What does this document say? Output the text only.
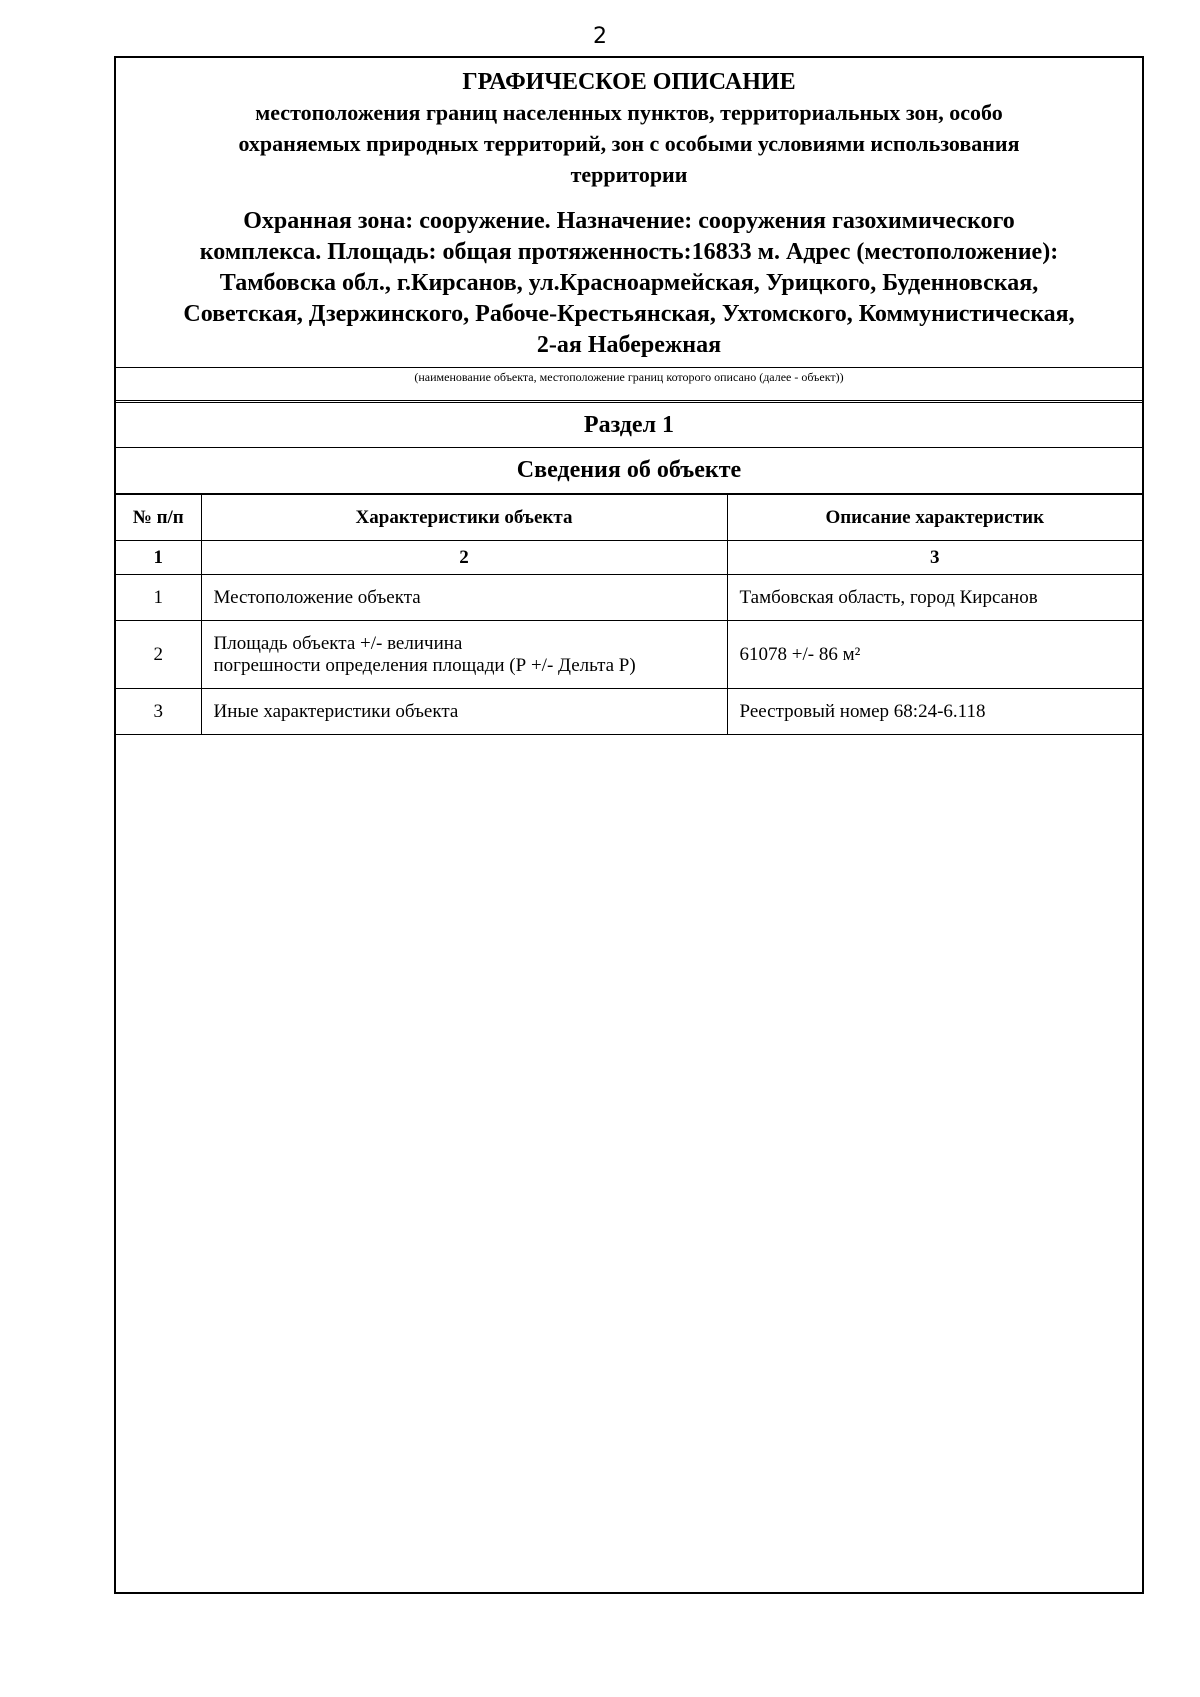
2
ГРАФИЧЕСКОЕ ОПИСАНИЕ
местоположения границ населенных пунктов, территориальных зон, особо
охраняемых природных территорий, зон с особыми условиями использования
территории
Охранная зона: сооружение. Назначение: сооружения газохимического
комплекса. Площадь: общая протяженность:16833 м. Адрес (местоположение):
Тамбовска обл., г.Кирсанов, ул.Красноармейская, Урицкого, Буденновская,
Советская, Дзержинского, Рабоче-Крестьянская, Ухтомского, Коммунистическая,
2-ая Набережная
(наименование объекта, местоположение границ которого описано (далее - объект))
Раздел 1
Сведения об объекте
№ п/п	Характеристики объекта	Описание характеристик
1	2	3
1	Местоположение объекта	Тамбовская область, город Кирсанов
2	Площадь объекта +/- величина
погрешности определения площади (Р +/- Дельта Р)	61078 +/- 86 м²
3	Иные характеристики объекта	Реестровый номер 68:24-6.118
